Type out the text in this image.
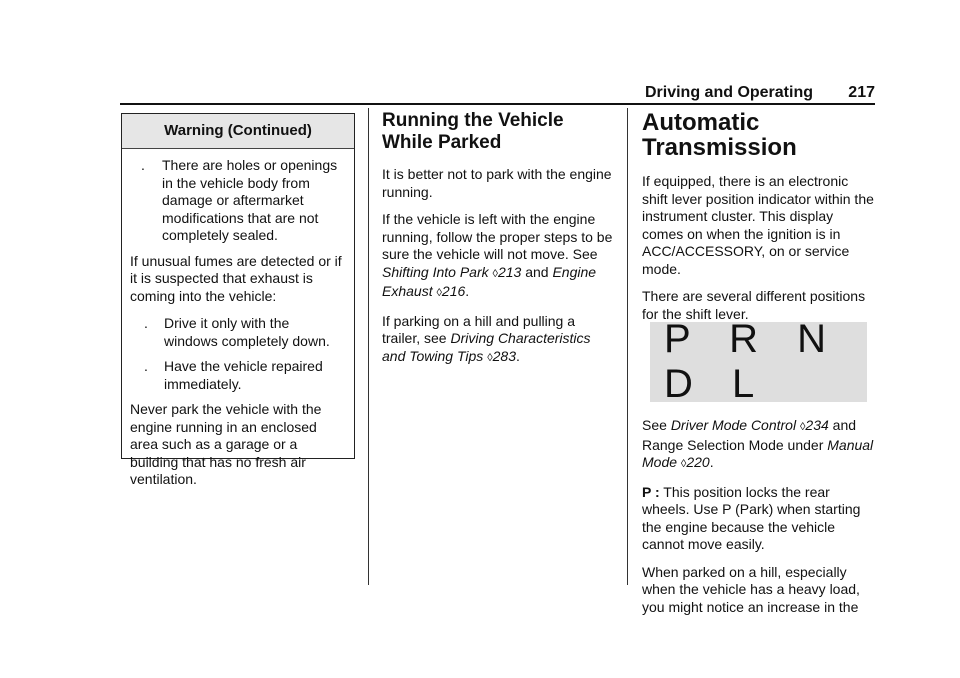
Driving and Operating 217
Warning (Continued)
. There are holes or openings in the vehicle body from damage or aftermarket modifications that are not completely sealed.

If unusual fumes are detected or if it is suspected that exhaust is coming into the vehicle:

. Drive it only with the windows completely down.
. Have the vehicle repaired immediately.

Never park the vehicle with the engine running in an enclosed area such as a garage or a building that has no fresh air ventilation.

Running the Vehicle While Parked

It is better not to park with the engine running.

If the vehicle is left with the engine running, follow the proper steps to be sure the vehicle will not move. See Shifting Into Park ◊213 and Engine Exhaust ◊216.

If parking on a hill and pulling a trailer, see Driving Characteristics and Towing Tips ◊283.

Automatic Transmission

If equipped, there is an electronic shift lever position indicator within the instrument cluster. This display comes on when the ignition is in ACC/ACCESSORY, on or service mode.

There are several different positions for the shift lever.

P R N D L

See Driver Mode Control ◊234 and Range Selection Mode under Manual Mode ◊220.

P : This position locks the rear wheels. Use P (Park) when starting the engine because the vehicle cannot move easily.

When parked on a hill, especially when the vehicle has a heavy load, you might notice an increase in the
